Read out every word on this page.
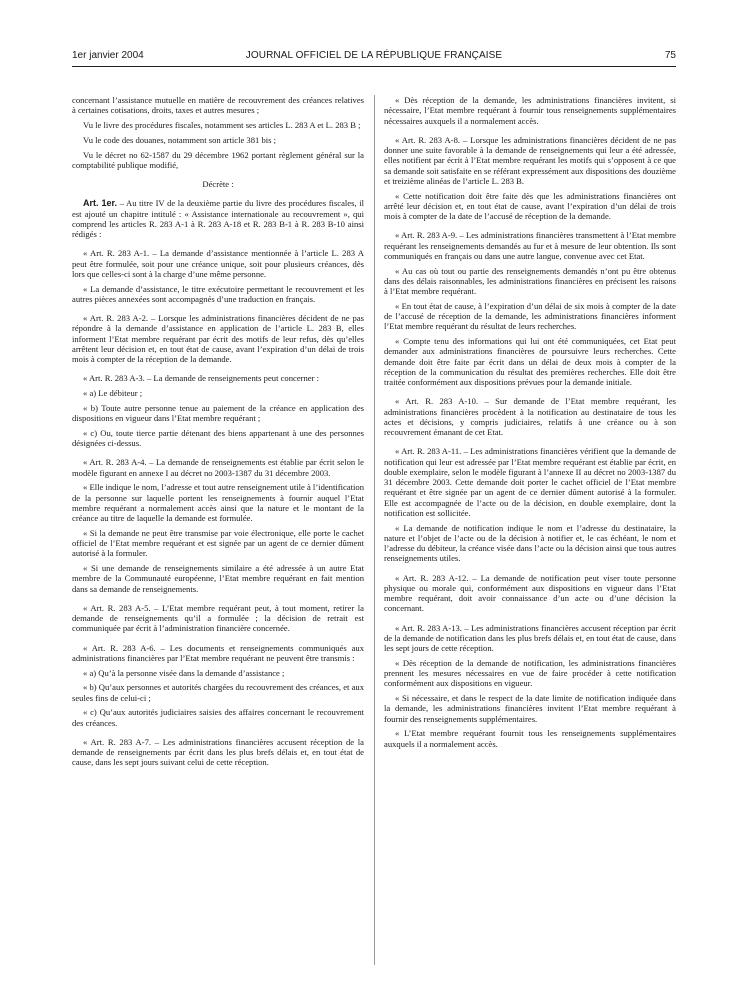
1er janvier 2004	JOURNAL OFFICIEL DE LA RÉPUBLIQUE FRANÇAISE	75

concernant l’assistance mutuelle en matière de recouvrement des créances relatives à certaines cotisations, droits, taxes et autres mesures ;

Vu le livre des procédures fiscales, notamment ses articles L. 283 A et L. 283 B ;

Vu le code des douanes, notamment son article 381 bis ;

Vu le décret no 62-1587 du 29 décembre 1962 portant règlement général sur la comptabilité publique modifié,

Décrète :

Art. 1er. – Au titre IV de la deuxième partie du livre des procédures fiscales, il est ajouté un chapitre intitulé : « Assistance internationale au recouvrement », qui comprend les articles R. 283 A-1 à R. 283 A-18 et R. 283 B-1 à R. 283 B-10 ainsi rédigés :

« Art. R. 283 A-1. – La demande d’assistance mentionnée à l’article L. 283 A peut être formulée, soit pour une créance unique, soit pour plusieurs créances, dès lors que celles-ci sont à la charge d’une même personne.

« La demande d’assistance, le titre exécutoire permettant le recouvrement et les autres pièces annexées sont accompagnés d’une traduction en français.

« Art. R. 283 A-2. – Lorsque les administrations financières décident de ne pas répondre à la demande d’assistance en application de l’article L. 283 B, elles informent l’Etat membre requérant par écrit des motifs de leur refus, dès qu’elles arrêtent leur décision et, en tout état de cause, avant l’expiration d’un délai de trois mois à compter de la réception de la demande.

« Art. R. 283 A-3. – La demande de renseignements peut concerner :

« a) Le débiteur ;

« b) Toute autre personne tenue au paiement de la créance en application des dispositions en vigueur dans l’Etat membre requérant ;

« c) Ou, toute tierce partie détenant des biens appartenant à une des personnes désignées ci-dessus.

« Art. R. 283 A-4. – La demande de renseignements est établie par écrit selon le modèle figurant en annexe I au décret no 2003-1387 du 31 décembre 2003.

« Elle indique le nom, l’adresse et tout autre renseignement utile à l’identification de la personne sur laquelle portent les renseignements à fournir auquel l’Etat membre requérant a normalement accès ainsi que la nature et le montant de la créance au titre de laquelle la demande est formulée.

« Si la demande ne peut être transmise par voie électronique, elle porte le cachet officiel de l’Etat membre requérant et est signée par un agent de ce dernier dûment autorisé à la formuler.

« Si une demande de renseignements similaire a été adressée à un autre Etat membre de la Communauté européenne, l’Etat membre requérant en fait mention dans sa demande de renseignements.

« Art. R. 283 A-5. – L’Etat membre requérant peut, à tout moment, retirer la demande de renseignements qu’il a formulée ; la décision de retrait est communiquée par écrit à l’administration financière concernée.

« Art. R. 283 A-6. – Les documents et renseignements communiqués aux administrations financières par l’Etat membre requérant ne peuvent être transmis :

« a) Qu’à la personne visée dans la demande d’assistance ;

« b) Qu’aux personnes et autorités chargées du recouvrement des créances, et aux seules fins de celui-ci ;

« c) Qu’aux autorités judiciaires saisies des affaires concernant le recouvrement des créances.

« Art. R. 283 A-7. – Les administrations financières accusent réception de la demande de renseignements par écrit dans les plus brefs délais et, en tout état de cause, dans les sept jours suivant celui de cette réception.

« Dès réception de la demande, les administrations financières invitent, si nécessaire, l’Etat membre requérant à fournir tous renseignements supplémentaires nécessaires auxquels il a normalement accès.

« Art. R. 283 A-8. – Lorsque les administrations financières décident de ne pas donner une suite favorable à la demande de renseignements qui leur a été adressée, elles notifient par écrit à l’Etat membre requérant les motifs qui s’opposent à ce que sa demande soit satisfaite en se référant expressément aux dispositions des douzième et treizième alinéas de l’article L. 283 B.

« Cette notification doit être faite dès que les administrations financières ont arrêté leur décision et, en tout état de cause, avant l’expiration d’un délai de trois mois à compter de la date de l’accusé de réception de la demande.

« Art. R. 283 A-9. – Les administrations financières transmettent à l’Etat membre requérant les renseignements demandés au fur et à mesure de leur obtention. Ils sont communiqués en français ou dans une autre langue, convenue avec cet Etat.

« Au cas où tout ou partie des renseignements demandés n’ont pu être obtenus dans des délais raisonnables, les administrations financières en précisent les raisons à l’Etat membre requérant.

« En tout état de cause, à l’expiration d’un délai de six mois à compter de la date de l’accusé de réception de la demande, les administrations financières informent l’Etat membre requérant du résultat de leurs recherches.

« Compte tenu des informations qui lui ont été communiquées, cet Etat peut demander aux administrations financières de poursuivre leurs recherches. Cette demande doit être faite par écrit dans un délai de deux mois à compter de la réception de la communication du résultat des premières recherches. Elle doit être traitée conformément aux dispositions prévues pour la demande initiale.

« Art. R. 283 A-10. – Sur demande de l’Etat membre requérant, les administrations financières procèdent à la notification au destinataire de tous les actes et décisions, y compris judiciaires, relatifs à une créance ou à son recouvrement émanant de cet Etat.

« Art. R. 283 A-11. – Les administrations financières vérifient que la demande de notification qui leur est adressée par l’Etat membre requérant est établie par écrit, en double exemplaire, selon le modèle figurant à l’annexe II au décret no 2003-1387 du 31 décembre 2003. Cette demande doit porter le cachet officiel de l’Etat membre requérant et être signée par un agent de ce dernier dûment autorisé à la formuler. Elle est accompagnée de l’acte ou de la décision, en double exemplaire, dont la notification est sollicitée.

« La demande de notification indique le nom et l’adresse du destinataire, la nature et l’objet de l’acte ou de la décision à notifier et, le cas échéant, le nom et l’adresse du débiteur, la créance visée dans l’acte ou la décision ainsi que tous autres renseignements utiles.

« Art. R. 283 A-12. – La demande de notification peut viser toute personne physique ou morale qui, conformément aux dispositions en vigueur dans l’Etat membre requérant, doit avoir connaissance d’un acte ou d’une décision la concernant.

« Art. R. 283 A-13. – Les administrations financières accusent réception par écrit de la demande de notification dans les plus brefs délais et, en tout état de cause, dans les sept jours de cette réception.

« Dès réception de la demande de notification, les administrations financières prennent les mesures nécessaires en vue de faire procéder à cette notification conformément aux dispositions en vigueur.

« Si nécessaire, et dans le respect de la date limite de notification indiquée dans la demande, les administrations financières invitent l’Etat membre requérant à fournir des renseignements supplémentaires.

« L’Etat membre requérant fournit tous les renseignements supplémentaires auxquels il a normalement accès.
